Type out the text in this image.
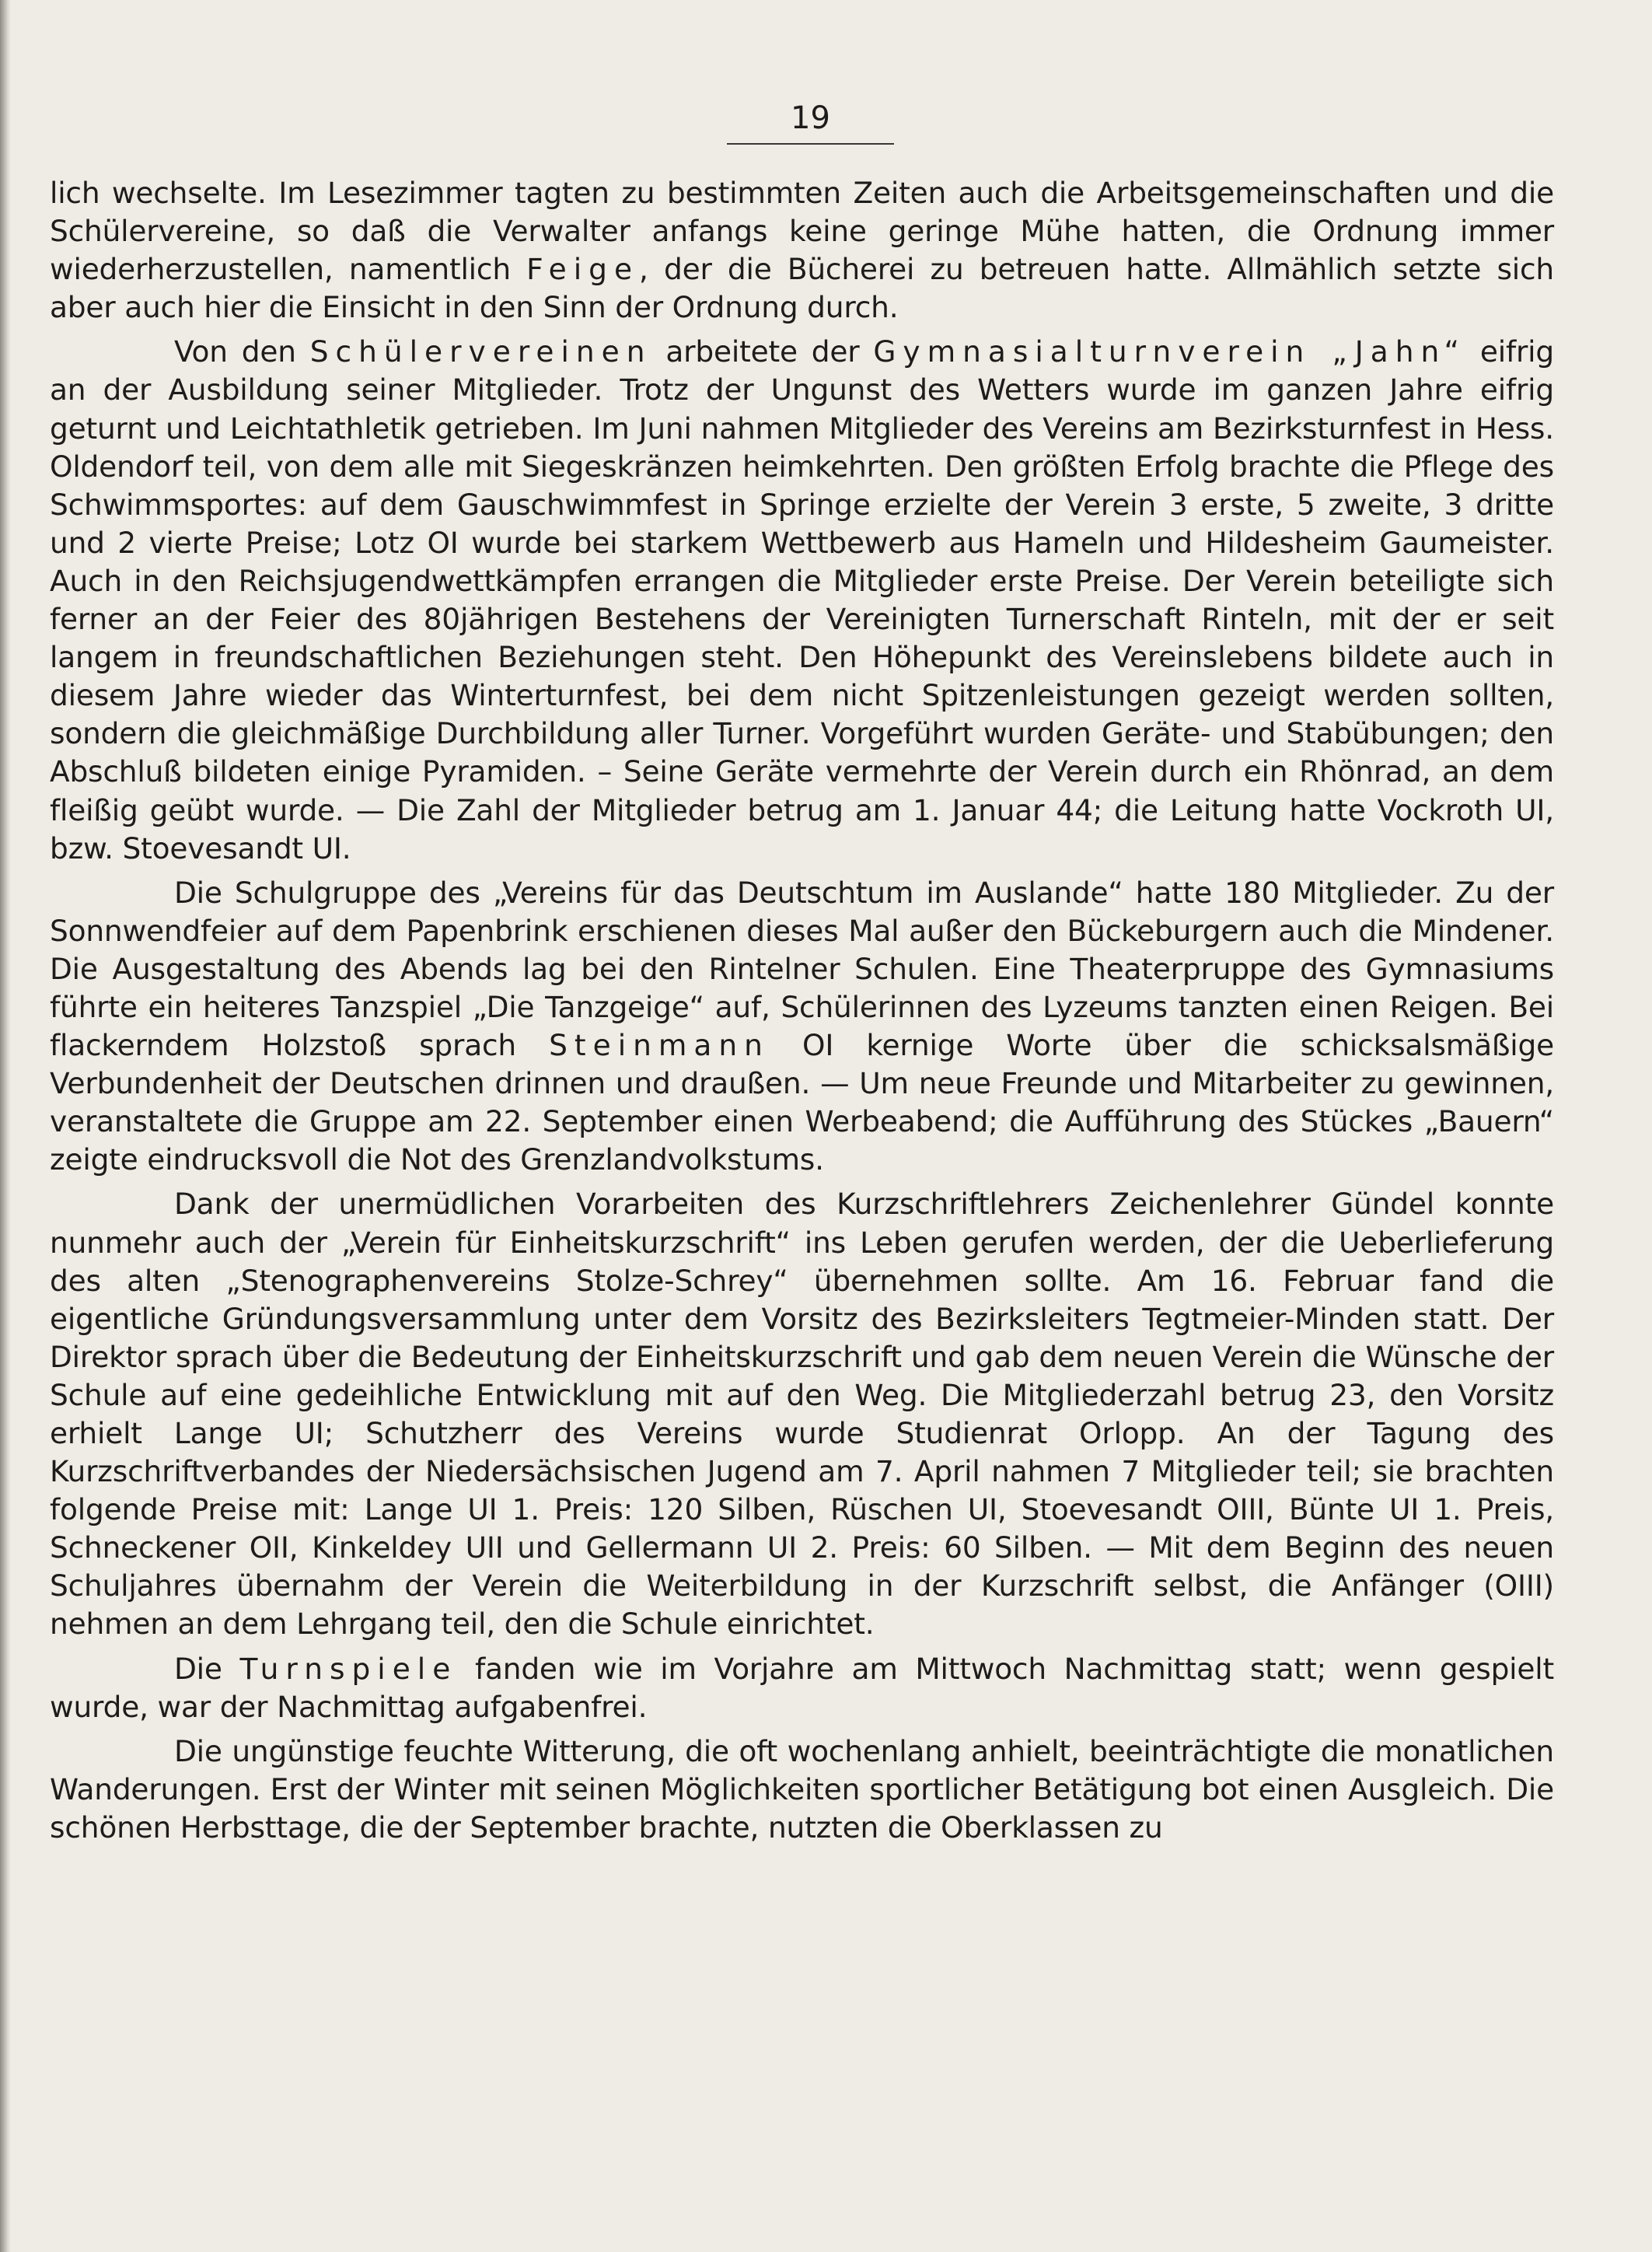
19

lich wechselte. Im Lesezimmer tagten zu bestimmten Zeiten auch die Arbeitsgemeinschaften und die Schülervereine, so daß die Verwalter anfangs keine geringe Mühe hatten, die Ordnung immer wiederherzustellen, namentlich Feige, der die Bücherei zu betreuen hatte. Allmählich setzte sich aber auch hier die Einsicht in den Sinn der Ordnung durch.

Von den Schülervereinen arbeitete der Gymnasialturnverein „Jahn“ eifrig an der Ausbildung seiner Mitglieder. Trotz der Ungunst des Wetters wurde im ganzen Jahre eifrig geturnt und Leichtathletik getrieben. Im Juni nahmen Mitglieder des Vereins am Bezirksturnfest in Hess. Oldendorf teil, von dem alle mit Siegeskränzen heimkehrten. Den größten Erfolg brachte die Pflege des Schwimmsportes: auf dem Gauschwimmfest in Springe erzielte der Verein 3 erste, 5 zweite, 3 dritte und 2 vierte Preise; Lotz OI wurde bei starkem Wettbewerb aus Hameln und Hildesheim Gaumeister. Auch in den Reichsjugendwettkämpfen errangen die Mitglieder erste Preise. Der Verein beteiligte sich ferner an der Feier des 80jährigen Bestehens der Vereinigten Turnerschaft Rinteln, mit der er seit langem in freundschaftlichen Beziehungen steht. Den Höhepunkt des Vereinslebens bildete auch in diesem Jahre wieder das Winterturnfest, bei dem nicht Spitzenleistungen gezeigt werden sollten, sondern die gleichmäßige Durchbildung aller Turner. Vorgeführt wurden Geräte- und Stabübungen; den Abschluß bildeten einige Pyramiden. – Seine Geräte vermehrte der Verein durch ein Rhönrad, an dem fleißig geübt wurde. — Die Zahl der Mitglieder betrug am 1. Januar 44; die Leitung hatte Vockroth UI, bzw. Stoevesandt UI.

Die Schulgruppe des „Vereins für das Deutschtum im Auslande“ hatte 180 Mitglieder. Zu der Sonnwendfeier auf dem Papenbrink erschienen dieses Mal außer den Bückeburgern auch die Mindener. Die Ausgestaltung des Abends lag bei den Rintelner Schulen. Eine Theaterpruppe des Gymnasiums führte ein heiteres Tanzspiel „Die Tanzgeige“ auf, Schülerinnen des Lyzeums tanzten einen Reigen. Bei flackerndem Holzstoß sprach Steinmann OI kernige Worte über die schicksalsmäßige Verbundenheit der Deutschen drinnen und draußen. — Um neue Freunde und Mitarbeiter zu gewinnen, veranstaltete die Gruppe am 22. September einen Werbeabend; die Aufführung des Stückes „Bauern“ zeigte eindrucksvoll die Not des Grenzlandvolkstums.

Dank der unermüdlichen Vorarbeiten des Kurzschriftlehrers Zeichenlehrer Gündel konnte nunmehr auch der „Verein für Einheitskurzschrift“ ins Leben gerufen werden, der die Ueberlieferung des alten „Stenographenvereins Stolze-Schrey“ übernehmen sollte. Am 16. Februar fand die eigentliche Gründungsversammlung unter dem Vorsitz des Bezirksleiters Tegtmeier-Minden statt. Der Direktor sprach über die Bedeutung der Einheitskurzschrift und gab dem neuen Verein die Wünsche der Schule auf eine gedeihliche Entwicklung mit auf den Weg. Die Mitgliederzahl betrug 23, den Vorsitz erhielt Lange UI; Schutzherr des Vereins wurde Studienrat Orlopp. An der Tagung des Kurzschriftverbandes der Niedersächsischen Jugend am 7. April nahmen 7 Mitglieder teil; sie brachten folgende Preise mit: Lange UI 1. Preis: 120 Silben, Rüschen UI, Stoevesandt OIII, Bünte UI 1. Preis, Schneckener OII, Kinkeldey UII und Gellermann UI 2. Preis: 60 Silben. — Mit dem Beginn des neuen Schuljahres übernahm der Verein die Weiterbildung in der Kurzschrift selbst, die Anfänger (OIII) nehmen an dem Lehrgang teil, den die Schule einrichtet.

Die Turnspiele fanden wie im Vorjahre am Mittwoch Nachmittag statt; wenn gespielt wurde, war der Nachmittag aufgabenfrei.

Die ungünstige feuchte Witterung, die oft wochenlang anhielt, beeinträchtigte die monatlichen Wanderungen. Erst der Winter mit seinen Möglichkeiten sportlicher Betätigung bot einen Ausgleich. Die schönen Herbsttage, die der September brachte, nutzten die Oberklassen zu
